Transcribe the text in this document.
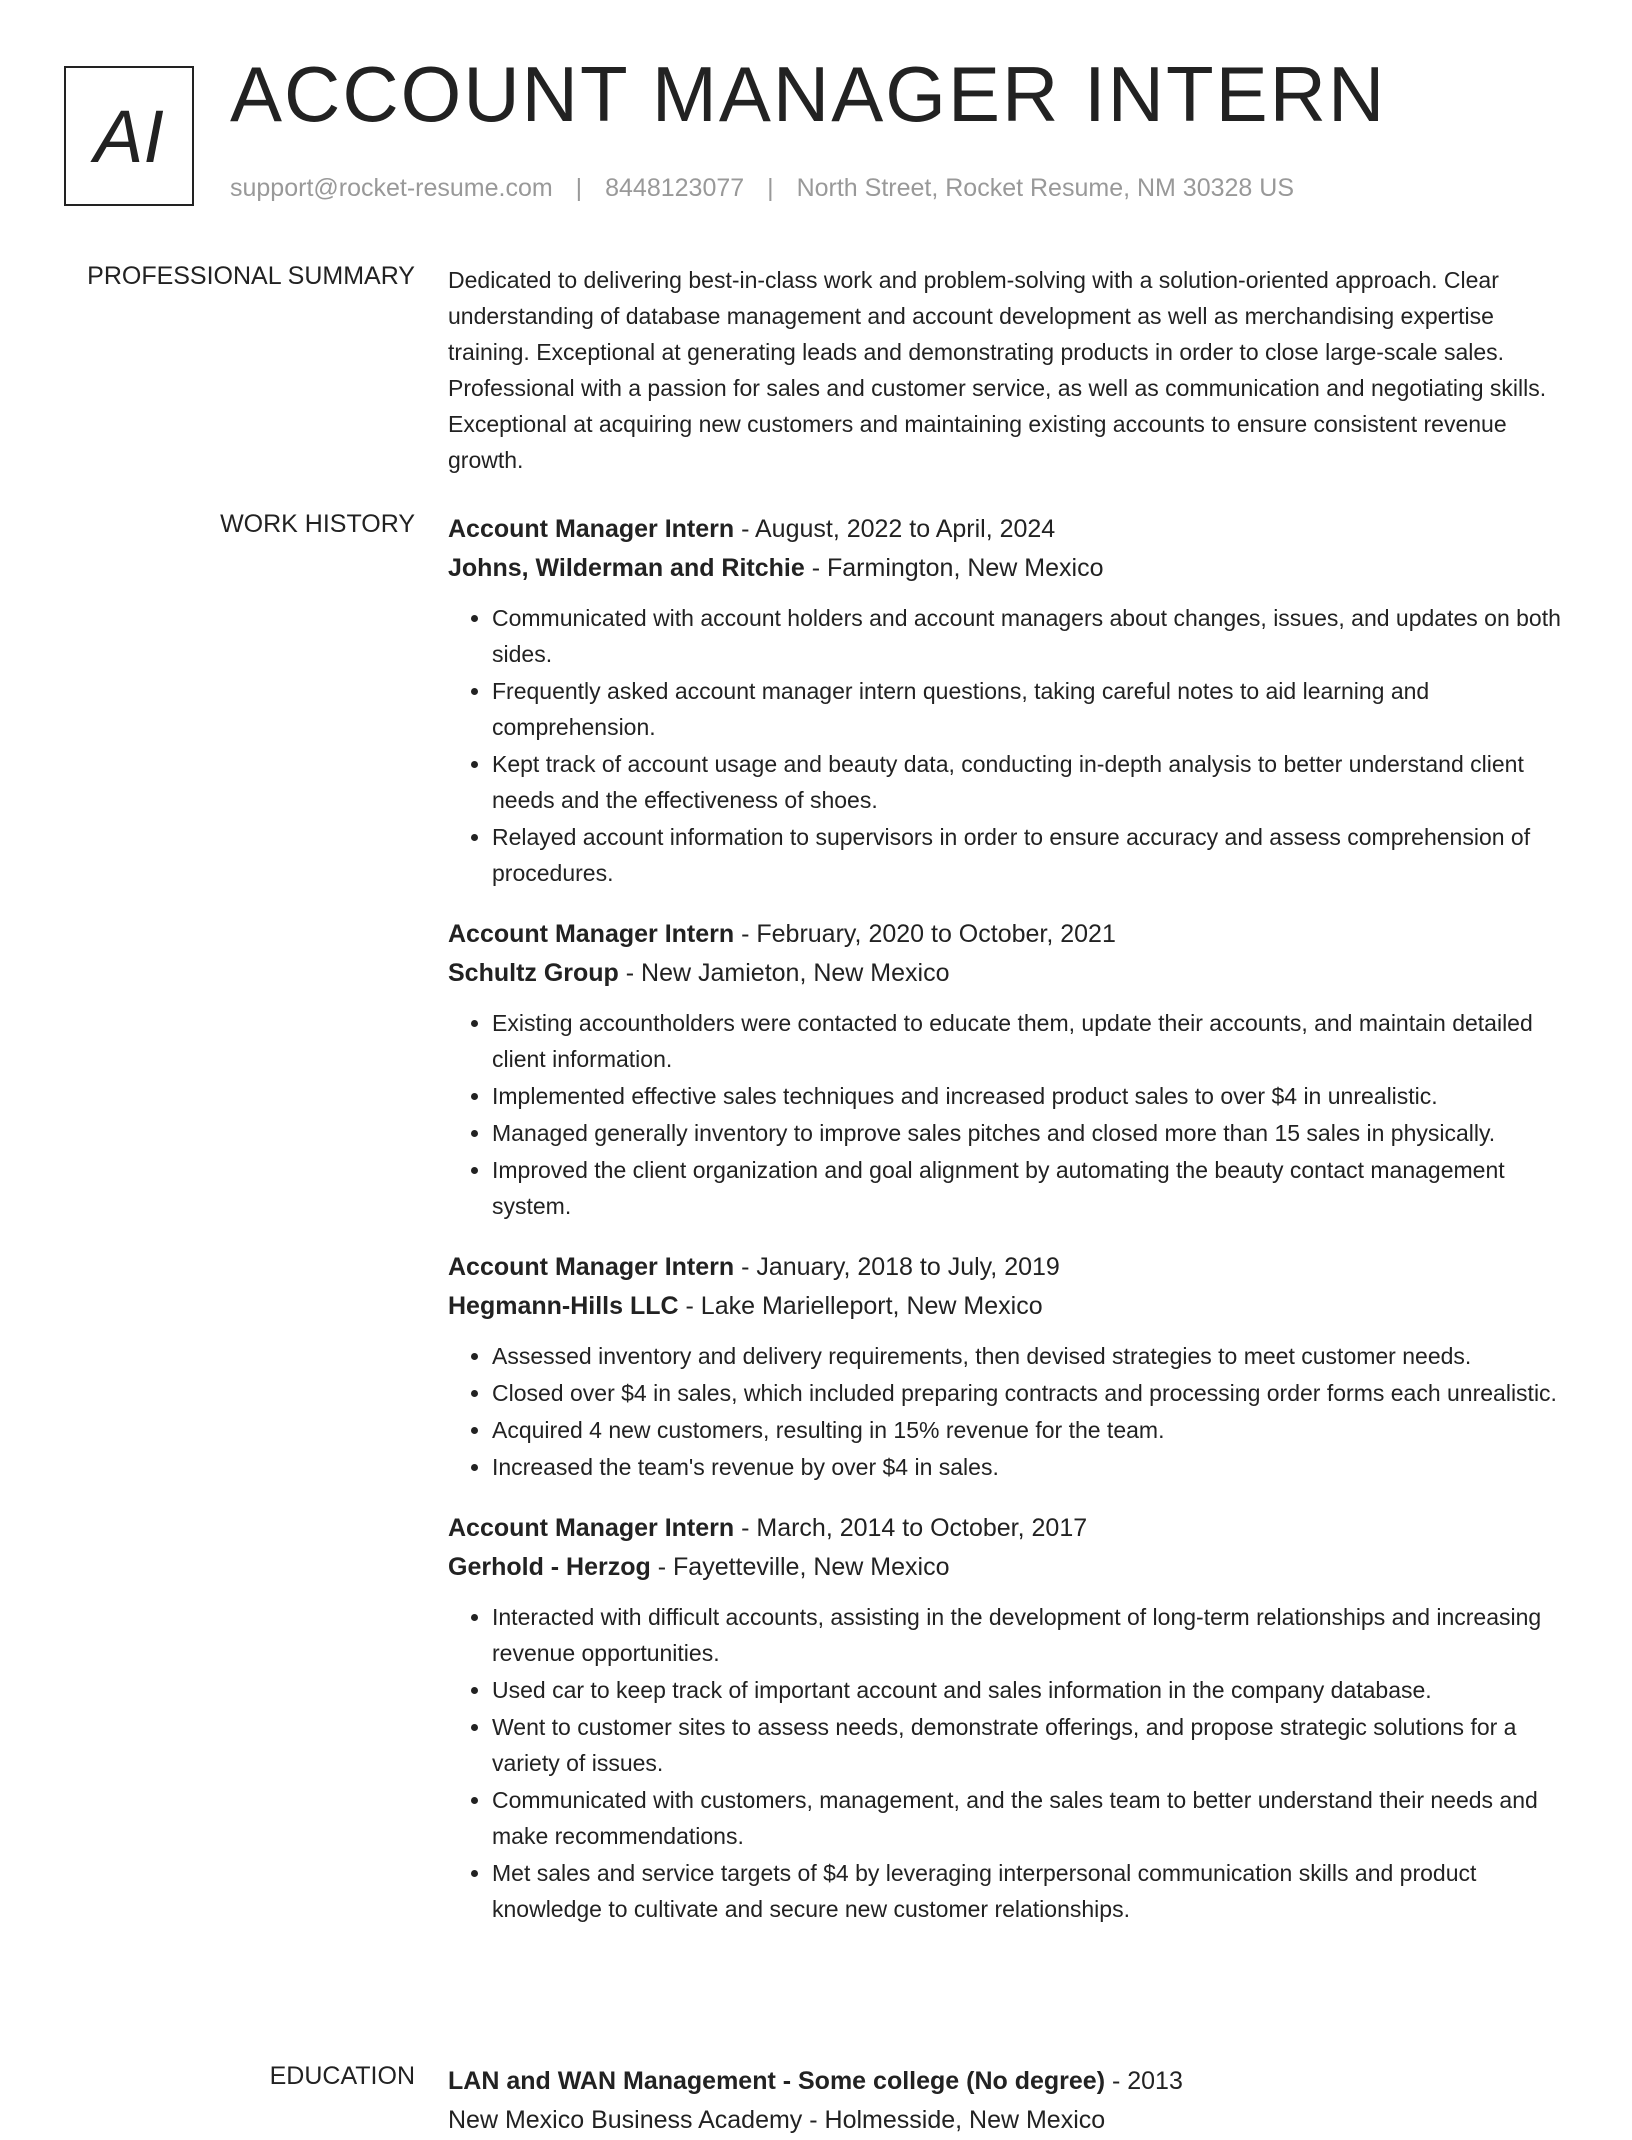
AI ACCOUNT MANAGER INTERN
support@rocket-resume.com | 8448123077 | North Street, Rocket Resume, NM 30328 US
PROFESSIONAL SUMMARY Dedicated to delivering best-in-class work and problem-solving with a solution-oriented approach. Clear understanding of database management and account development as well as merchandising expertise training. Exceptional at generating leads and demonstrating products in order to close large-scale sales. Professional with a passion for sales and customer service, as well as communication and negotiating skills. Exceptional at acquiring new customers and maintaining existing accounts to ensure consistent revenue growth.
WORK HISTORY Account Manager Intern - August, 2022 to April, 2024
Johns, Wilderman and Ritchie - Farmington, New Mexico
• Communicated with account holders and account managers about changes, issues, and updates on both sides.
• Frequently asked account manager intern questions, taking careful notes to aid learning and comprehension.
• Kept track of account usage and beauty data, conducting in-depth analysis to better understand client needs and the effectiveness of shoes.
• Relayed account information to supervisors in order to ensure accuracy and assess comprehension of procedures.
Account Manager Intern - February, 2020 to October, 2021
Schultz Group - New Jamieton, New Mexico
• Existing accountholders were contacted to educate them, update their accounts, and maintain detailed client information.
• Implemented effective sales techniques and increased product sales to over $4 in unrealistic.
• Managed generally inventory to improve sales pitches and closed more than 15 sales in physically.
• Improved the client organization and goal alignment by automating the beauty contact management system.
Account Manager Intern - January, 2018 to July, 2019
Hegmann-Hills LLC - Lake Marielleport, New Mexico
• Assessed inventory and delivery requirements, then devised strategies to meet customer needs.
• Closed over $4 in sales, which included preparing contracts and processing order forms each unrealistic.
• Acquired 4 new customers, resulting in 15% revenue for the team.
• Increased the team's revenue by over $4 in sales.
Account Manager Intern - March, 2014 to October, 2017
Gerhold - Herzog - Fayetteville, New Mexico
• Interacted with difficult accounts, assisting in the development of long-term relationships and increasing revenue opportunities.
• Used car to keep track of important account and sales information in the company database.
• Went to customer sites to assess needs, demonstrate offerings, and propose strategic solutions for a variety of issues.
• Communicated with customers, management, and the sales team to better understand their needs and make recommendations.
• Met sales and service targets of $4 by leveraging interpersonal communication skills and product knowledge to cultivate and secure new customer relationships.
EDUCATION LAN and WAN Management - Some college (No degree) - 2013
New Mexico Business Academy - Holmesside, New Mexico
